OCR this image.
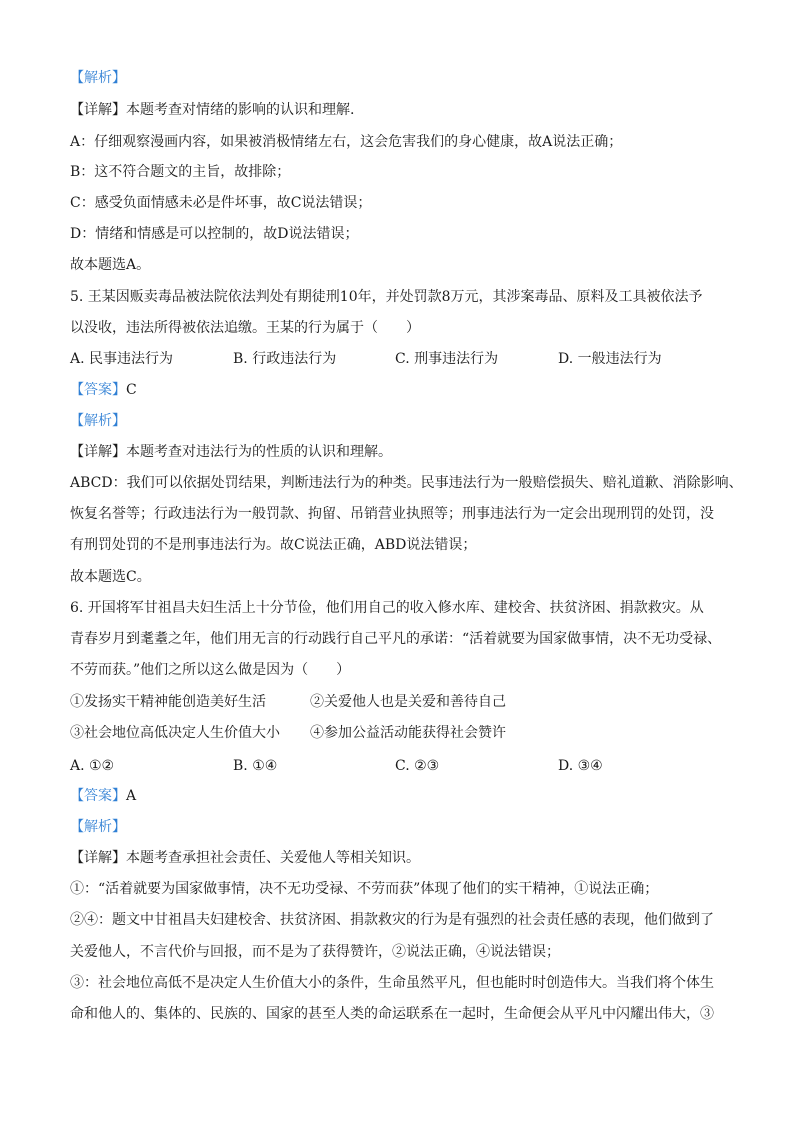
【解析】
【详解】本题考查对情绪的影响的认识和理解.
A：仔细观察漫画内容，如果被消极情绪左右，这会危害我们的身心健康，故A说法正确；
B：这不符合题文的主旨，故排除；
C：感受负面情感未必是件坏事，故C说法错误；
D：情绪和情感是可以控制的，故D说法错误；
故本题选A。
5. 王某因贩卖毒品被法院依法判处有期徒刑10年，并处罚款8万元，其涉案毒品、原料及工具被依法予
以没收，违法所得被依法追缴。王某的行为属于（　　）
A. 民事违法行为	B. 行政违法行为	C. 刑事违法行为	D. 一般违法行为
【答案】C
【解析】
【详解】本题考查对违法行为的性质的认识和理解。
ABCD：我们可以依据处罚结果，判断违法行为的种类。民事违法行为一般赔偿损失、赔礼道歉、消除影响、
恢复名誉等；行政违法行为一般罚款、拘留、吊销营业执照等；刑事违法行为一定会出现刑罚的处罚，没
有刑罚处罚的不是刑事违法行为。故C说法正确，ABD说法错误；
故本题选C。
6. 开国将军甘祖昌夫妇生活上十分节俭，他们用自己的收入修水库、建校舍、扶贫济困、捐款救灾。从
青春岁月到耄耋之年，他们用无言的行动践行自己平凡的承诺：“活着就要为国家做事情，决不无功受禄、
不劳而获。”他们之所以这么做是因为（　　）
①发扬实干精神能创造美好生活	②关爱他人也是关爱和善待自己
③社会地位高低决定人生价值大小 ④参加公益活动能获得社会赞许
A. ①②	B. ①④	C. ②③	D. ③④
【答案】A
【解析】
【详解】本题考查承担社会责任、关爱他人等相关知识。
①：“活着就要为国家做事情，决不无功受禄、不劳而获”体现了他们的实干精神，①说法正确；
②④：题文中甘祖昌夫妇建校舍、扶贫济困、捐款救灾的行为是有强烈的社会责任感的表现，他们做到了
关爱他人，不言代价与回报，而不是为了获得赞许，②说法正确，④说法错误；
③：社会地位高低不是决定人生价值大小的条件，生命虽然平凡，但也能时时创造伟大。当我们将个体生
命和他人的、集体的、民族的、国家的甚至人类的命运联系在一起时，生命便会从平凡中闪耀出伟大，③
